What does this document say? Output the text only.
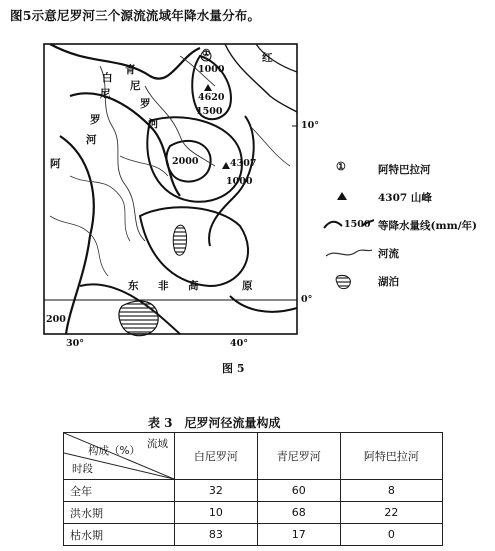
图5示意尼罗河三个源流流域年降水量分布。
白
尼
罗
河
青
尼
罗
河
阿
红
东 非 高	原
①
4620
4307
1000
1500
2000
1000
200
30°	40°
10°
0°
图 5
①	阿特巴拉河
4307 山峰
1500 等降水量线(mm/年)
河流
湖泊
表 3　尼罗河径流量构成
流域
构成（%）
时段	白尼罗河	青尼罗河	阿特巴拉河
全年	32	60	8
洪水期	10	68	22
枯水期	83	17	0
